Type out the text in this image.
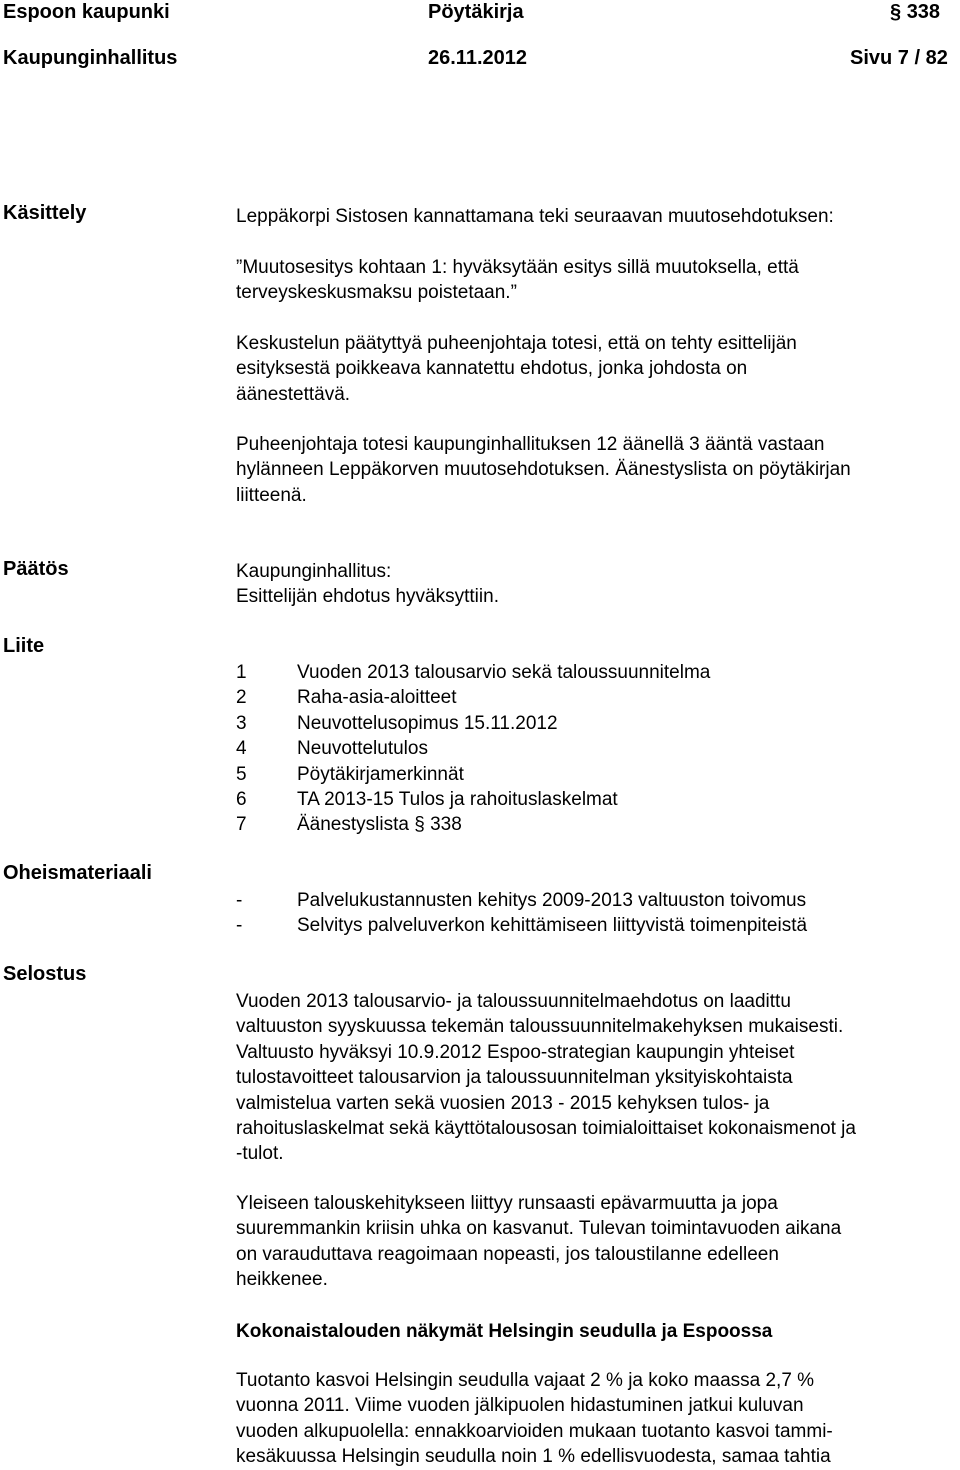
Espoon kaupunki	Pöytäkirja	§ 338
Kaupunginhallitus	26.11.2012	Sivu 7 / 82
Käsittely	Leppäkorpi Sistosen kannattamana teki seuraavan muutosehdotuksen:
”Muutosesitys kohtaan 1: hyväksytään esitys sillä muutoksella, että
terveyskeskusmaksu poistetaan.”
Keskustelun päätyttyä puheenjohtaja totesi, että on tehty esittelijän
esityksestä poikkeava kannatettu ehdotus, jonka johdosta on
äänestettävä.
Puheenjohtaja totesi kaupunginhallituksen 12 äänellä 3 ääntä vastaan
hylänneen Leppäkorven muutosehdotuksen. Äänestyslista on pöytäkirjan
liitteenä.
Päätös	Kaupunginhallitus:
Esittelijän ehdotus hyväksyttiin.
Liite
1	Vuoden 2013 talousarvio sekä taloussuunnitelma
2	Raha-asia-aloitteet
3	Neuvottelusopimus 15.11.2012
4	Neuvottelutulos
5	Pöytäkirjamerkinnät
6	TA 2013-15 Tulos ja rahoituslaskelmat
7	Äänestyslista § 338
Oheismateriaali
-	Palvelukustannusten kehitys 2009-2013 valtuuston toivomus
-	Selvitys palveluverkon kehittämiseen liittyvistä toimenpiteistä
Selostus
Vuoden 2013 talousarvio- ja taloussuunnitelmaehdotus on laadittu
valtuuston syyskuussa tekemän taloussuunnitelmakehyksen mukaisesti.
Valtuusto hyväksyi 10.9.2012 Espoo-strategian kaupungin yhteiset
tulostavoitteet talousarvion ja taloussuunnitelman yksityiskohtaista
valmistelua varten sekä vuosien 2013 - 2015 kehyksen tulos- ja
rahoituslaskelmat sekä käyttötalousosan toimialoittaiset kokonaismenot ja
-tulot.
Yleiseen talouskehitykseen liittyy runsaasti epävarmuutta ja jopa
suuremmankin kriisin uhka on kasvanut. Tulevan toimintavuoden aikana
on varauduttava reagoimaan nopeasti, jos taloustilanne edelleen
heikkenee.
Kokonaistalouden näkymät Helsingin seudulla ja Espoossa
Tuotanto kasvoi Helsingin seudulla vajaat 2 % ja koko maassa 2,7 %
vuonna 2011. Viime vuoden jälkipuolen hidastuminen jatkui kuluvan
vuoden alkupuolella: ennakkoarvioiden mukaan tuotanto kasvoi tammi-
kesäkuussa Helsingin seudulla noin 1 % edellisvuodesta, samaa tahtia
